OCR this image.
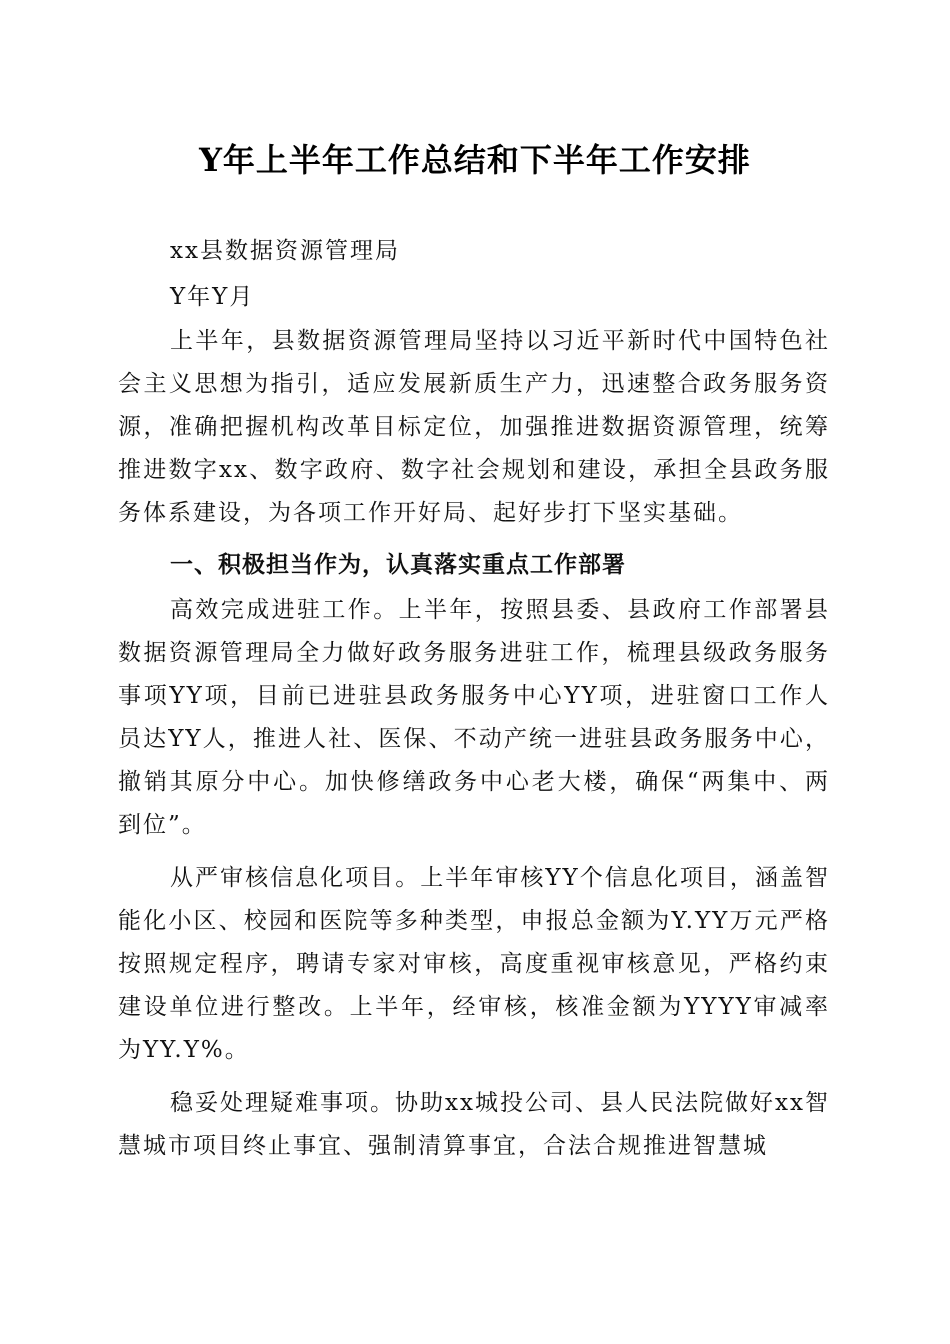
Y年上半年工作总结和下半年工作安排
xx县数据资源管理局
Y年Y月
上半年，县数据资源管理局坚持以习近平新时代中国特色社会主义思想为指引，适应发展新质生产力，迅速整合政务服务资源，准确把握机构改革目标定位，加强推进数据资源管理，统筹推进数字xx、数字政府、数字社会规划和建设，承担全县政务服务体系建设，为各项工作开好局、起好步打下坚实基础。
一、积极担当作为，认真落实重点工作部署
高效完成进驻工作。上半年，按照县委、县政府工作部署县数据资源管理局全力做好政务服务进驻工作，梳理县级政务服务事项YY项，目前已进驻县政务服务中心YY项，进驻窗口工作人员达YY人，推进人社、医保、不动产统一进驻县政务服务中心，撤销其原分中心。加快修缮政务中心老大楼，确保“两集中、两到位”。
从严审核信息化项目。上半年审核YY个信息化项目，涵盖智能化小区、校园和医院等多种类型，申报总金额为Y.YY万元严格按照规定程序，聘请专家对审核，高度重视审核意见，严格约束建设单位进行整改。上半年，经审核，核准金额为YYYY审减率为YY.Y%。
稳妥处理疑难事项。协助xx城投公司、县人民法院做好xx智慧城市项目终止事宜、强制清算事宜，合法合规推进智慧城
